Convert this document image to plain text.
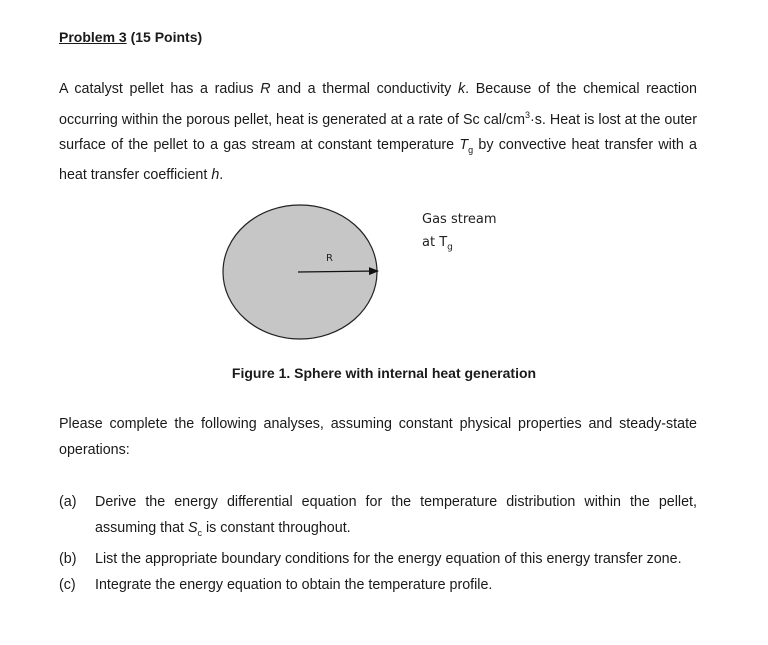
Problem 3 (15 Points)
A catalyst pellet has a radius R and a thermal conductivity k. Because of the chemical reaction occurring within the porous pellet, heat is generated at a rate of Sc cal/$cm^3\cdot s$. Heat is lost at the outer surface of the pellet to a gas stream at constant temperature $T_g$ by convective heat transfer with a heat transfer coefficient h.
R
Gas stream
at $T_g$
Figure 1. Sphere with internal heat generation
Please complete the following analyses, assuming constant physical properties and steady-state operations:
(a)	Derive the energy differential equation for the temperature distribution within the pellet, assuming that $S_c$ is constant throughout.
(b)	List the appropriate boundary conditions for the energy equation of this energy transfer zone.
(c)	Integrate the energy equation to obtain the temperature profile.
